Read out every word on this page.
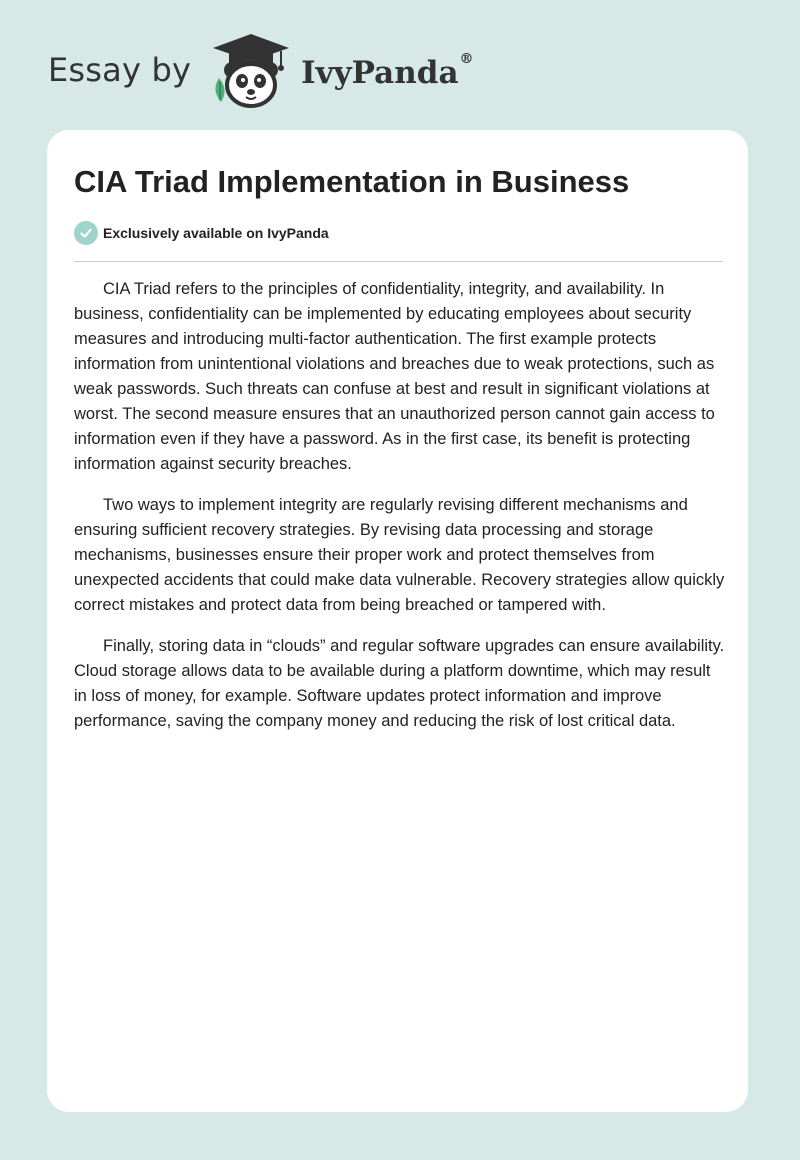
Essay by	IvyPanda®
CIA Triad Implementation in Business
Exclusively available on IvyPanda

CIA Triad refers to the principles of confidentiality, integrity, and availability. In business, confidentiality can be implemented by educating employees about security measures and introducing multi-factor authentication. The first example protects information from unintentional violations and breaches due to weak protections, such as weak passwords. Such threats can confuse at best and result in significant violations at worst. The second measure ensures that an unauthorized person cannot gain access to information even if they have a password. As in the first case, its benefit is protecting information against security breaches.

Two ways to implement integrity are regularly revising different mechanisms and ensuring sufficient recovery strategies. By revising data processing and storage mechanisms, businesses ensure their proper work and protect themselves from unexpected accidents that could make data vulnerable. Recovery strategies allow quickly correct mistakes and protect data from being breached or tampered with.

Finally, storing data in “clouds” and regular software upgrades can ensure availability. Cloud storage allows data to be available during a platform downtime, which may result in loss of money, for example. Software updates protect information and improve performance, saving the company money and reducing the risk of lost critical data.
